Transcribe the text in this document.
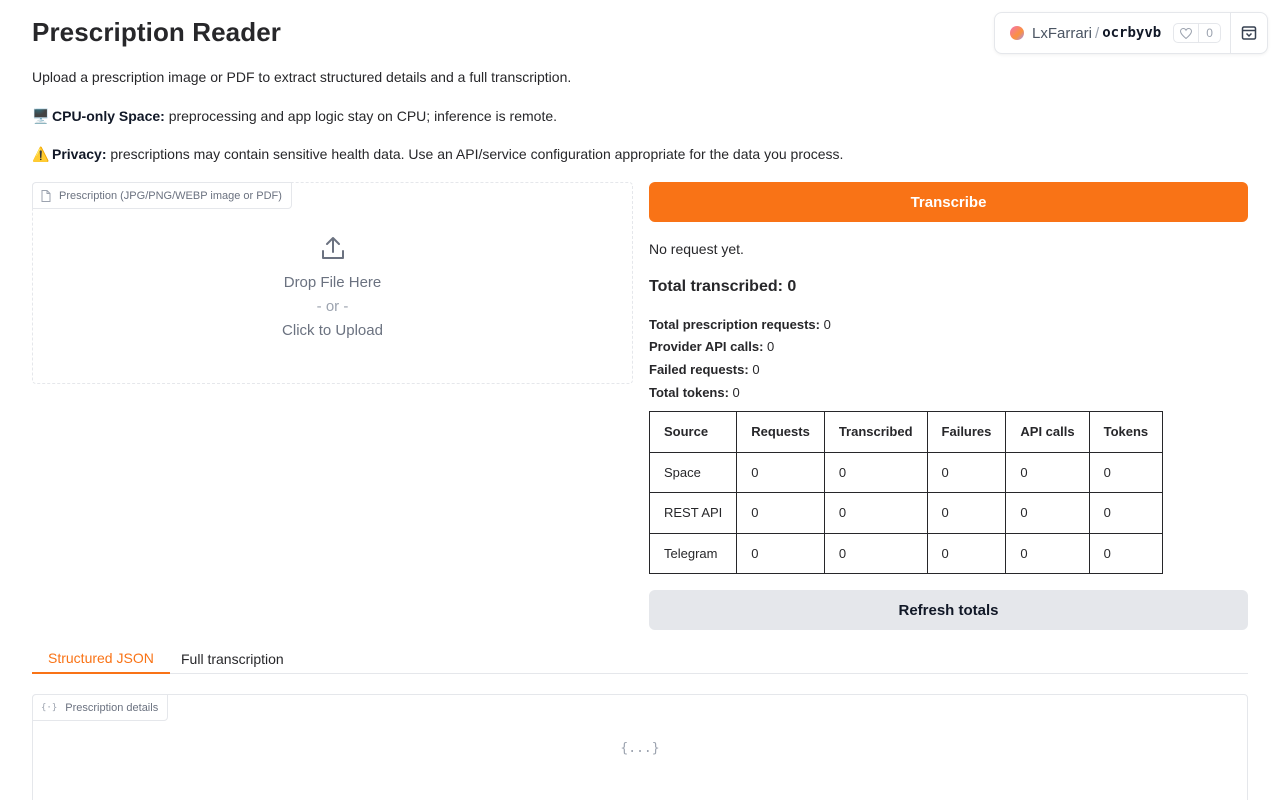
Prescription Reader
Upload a prescription image or PDF to extract structured details and a full transcription.
🖥️ CPU-only Space: preprocessing and app logic stay on CPU; inference is remote.
⚠️ Privacy: prescriptions may contain sensitive health data. Use an API/service configuration appropriate for the data you process.
LxFarrari / ocrbyvb	0
Prescription (JPG/PNG/WEBP image or PDF)
Drop File Here
- or -
Click to Upload
Transcribe
No request yet.
Total transcribed: 0
Total prescription requests: 0
Provider API calls: 0
Failed requests: 0
Total tokens: 0
Source	Requests	Transcribed	Failures	API calls	Tokens
Space	0	0	0	0	0
REST API	0	0	0	0	0
Telegram	0	0	0	0	0
Refresh totals
Structured JSON	Full transcription
{·} Prescription details
{...}
